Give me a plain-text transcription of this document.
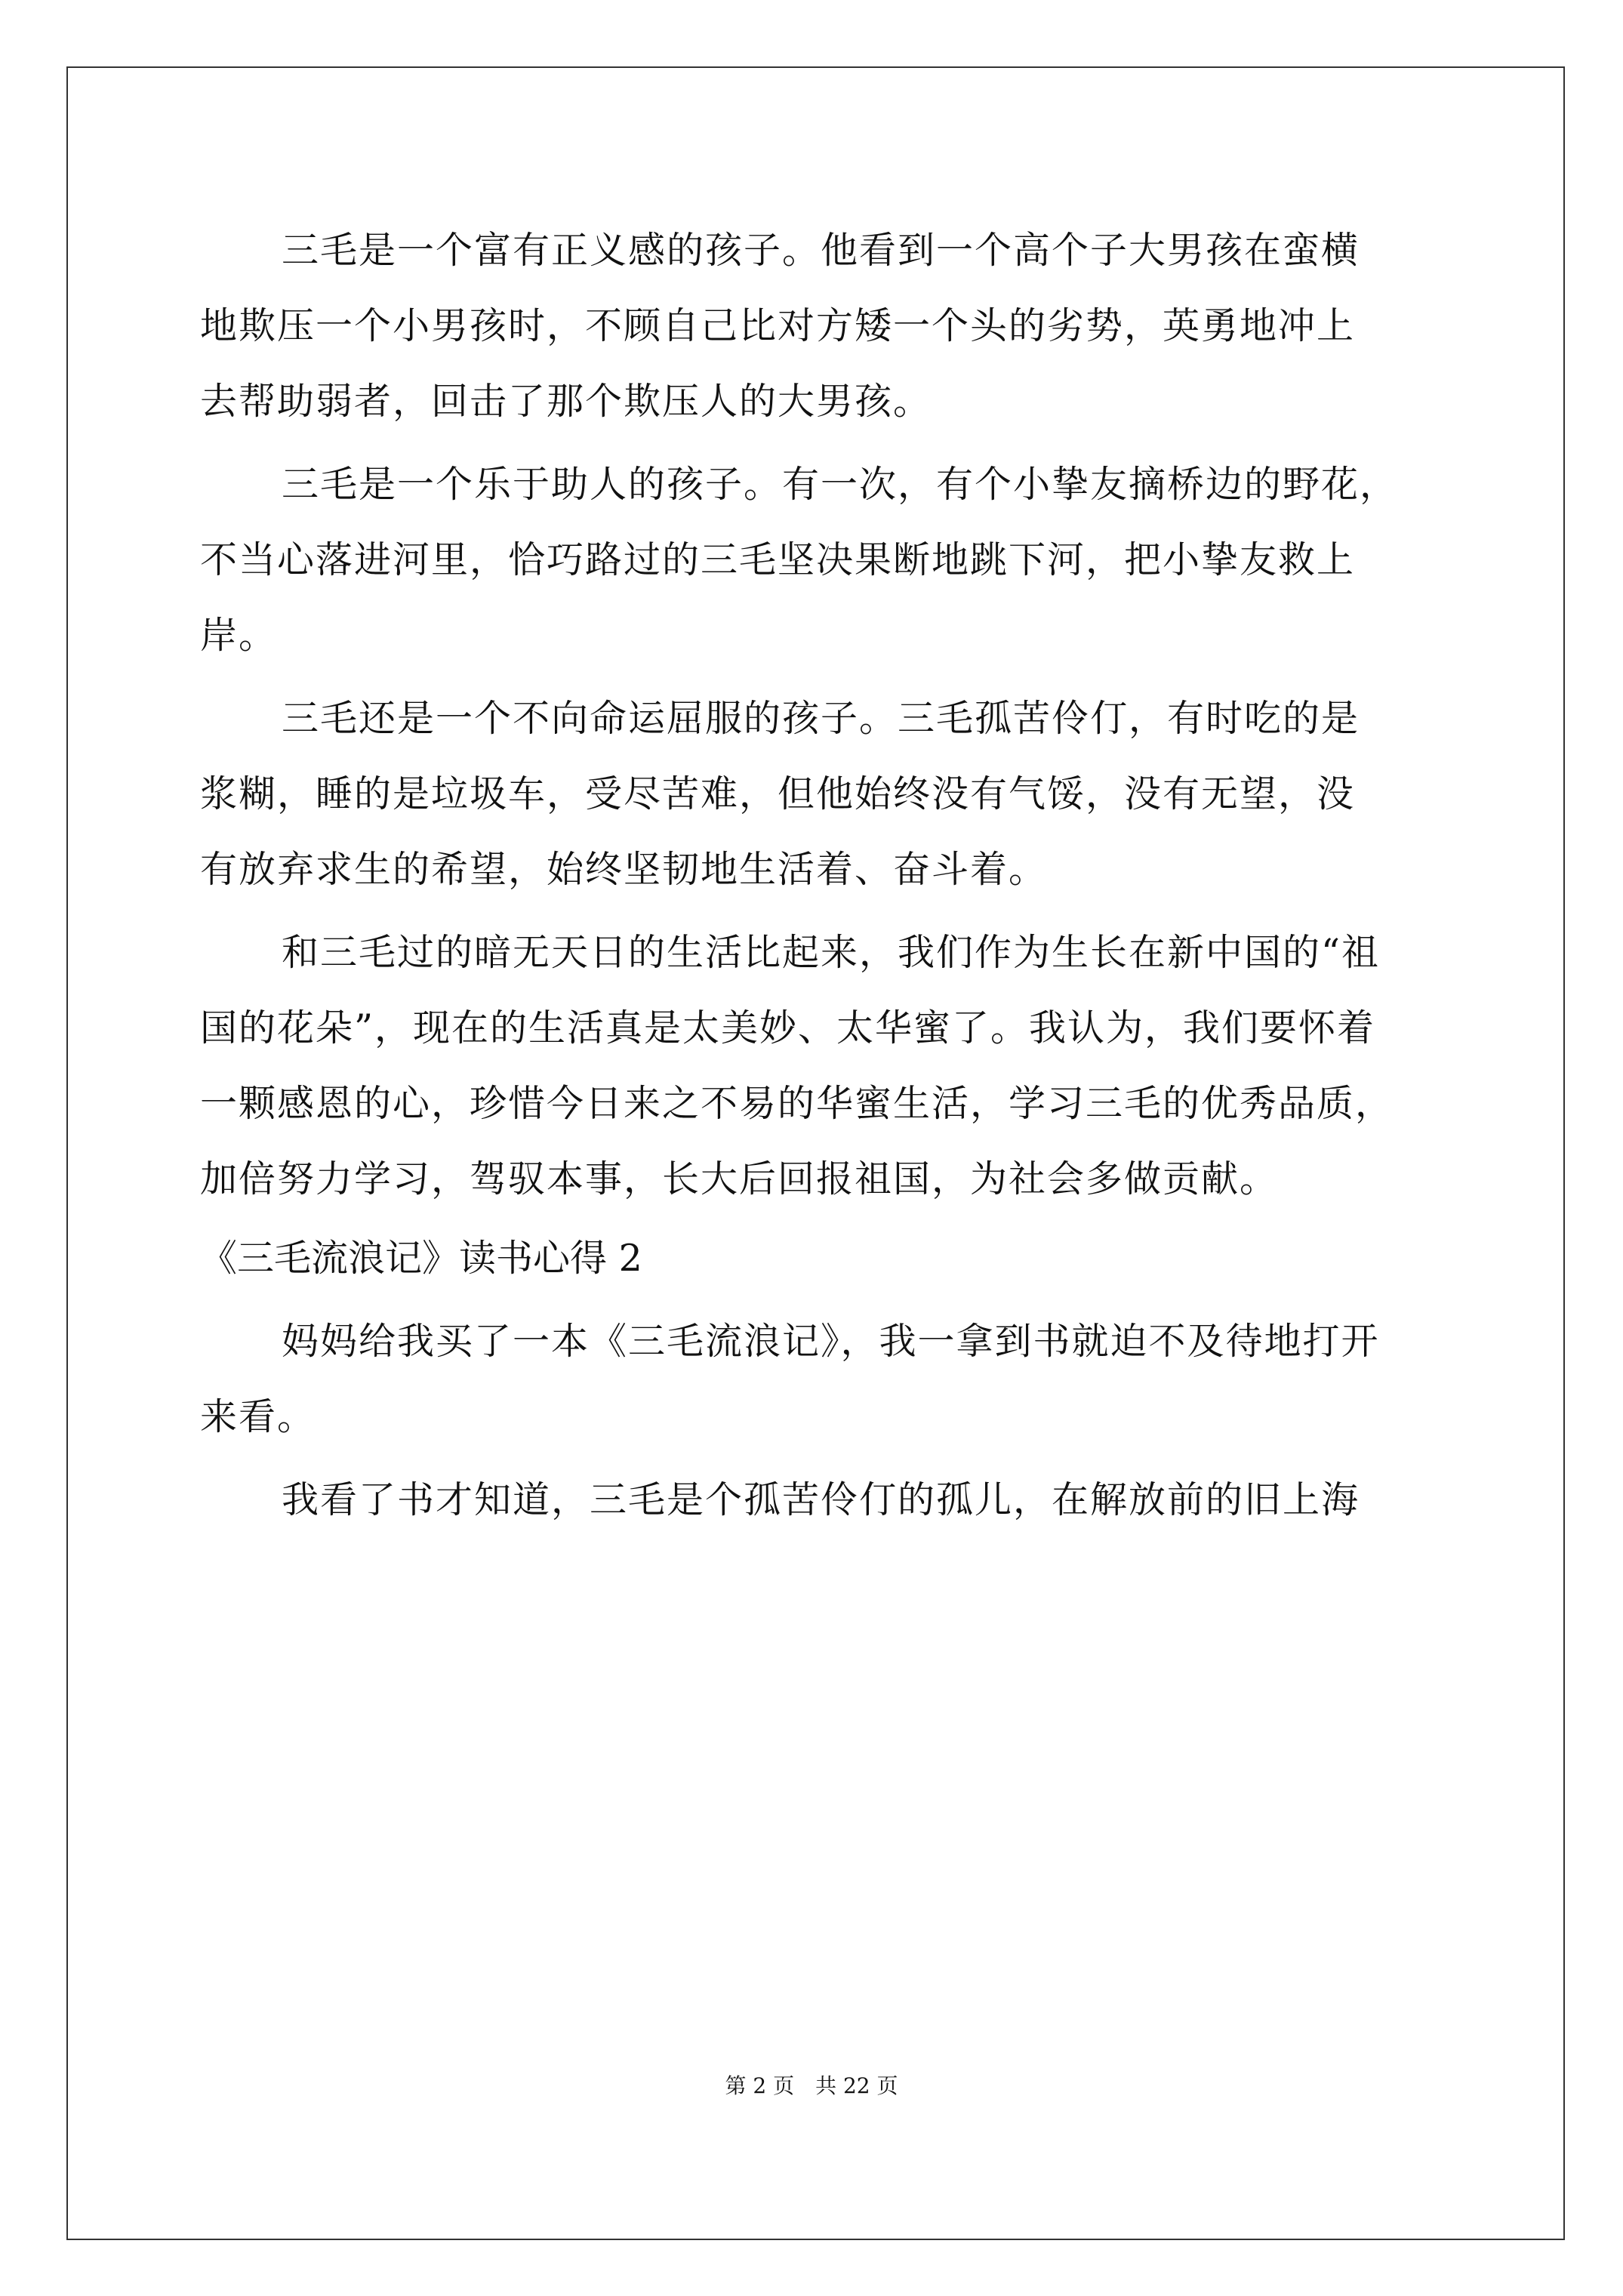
三毛是一个富有正义感的孩子。他看到一个高个子大男孩在蛮横
地欺压一个小男孩时，不顾自己比对方矮一个头的劣势，英勇地冲上
去帮助弱者，回击了那个欺压人的大男孩。
三毛是一个乐于助人的孩子。有一次，有个小挚友摘桥边的野花，
不当心落进河里，恰巧路过的三毛坚决果断地跳下河，把小挚友救上
岸。
三毛还是一个不向命运屈服的孩子。三毛孤苦伶仃，有时吃的是
浆糊，睡的是垃圾车，受尽苦难，但他始终没有气馁，没有无望，没
有放弃求生的希望，始终坚韧地生活着、奋斗着。
和三毛过的暗无天日的生活比起来，我们作为生长在新中国的“祖
国的花朵”，现在的生活真是太美妙、太华蜜了。我认为，我们要怀着
一颗感恩的心，珍惜今日来之不易的华蜜生活，学习三毛的优秀品质，
加倍努力学习，驾驭本事，长大后回报祖国，为社会多做贡献。
《三毛流浪记》读书心得 2
妈妈给我买了一本《三毛流浪记》，我一拿到书就迫不及待地打开
来看。
我看了书才知道，三毛是个孤苦伶仃的孤儿，在解放前的旧上海
第 2 页　共 22 页
